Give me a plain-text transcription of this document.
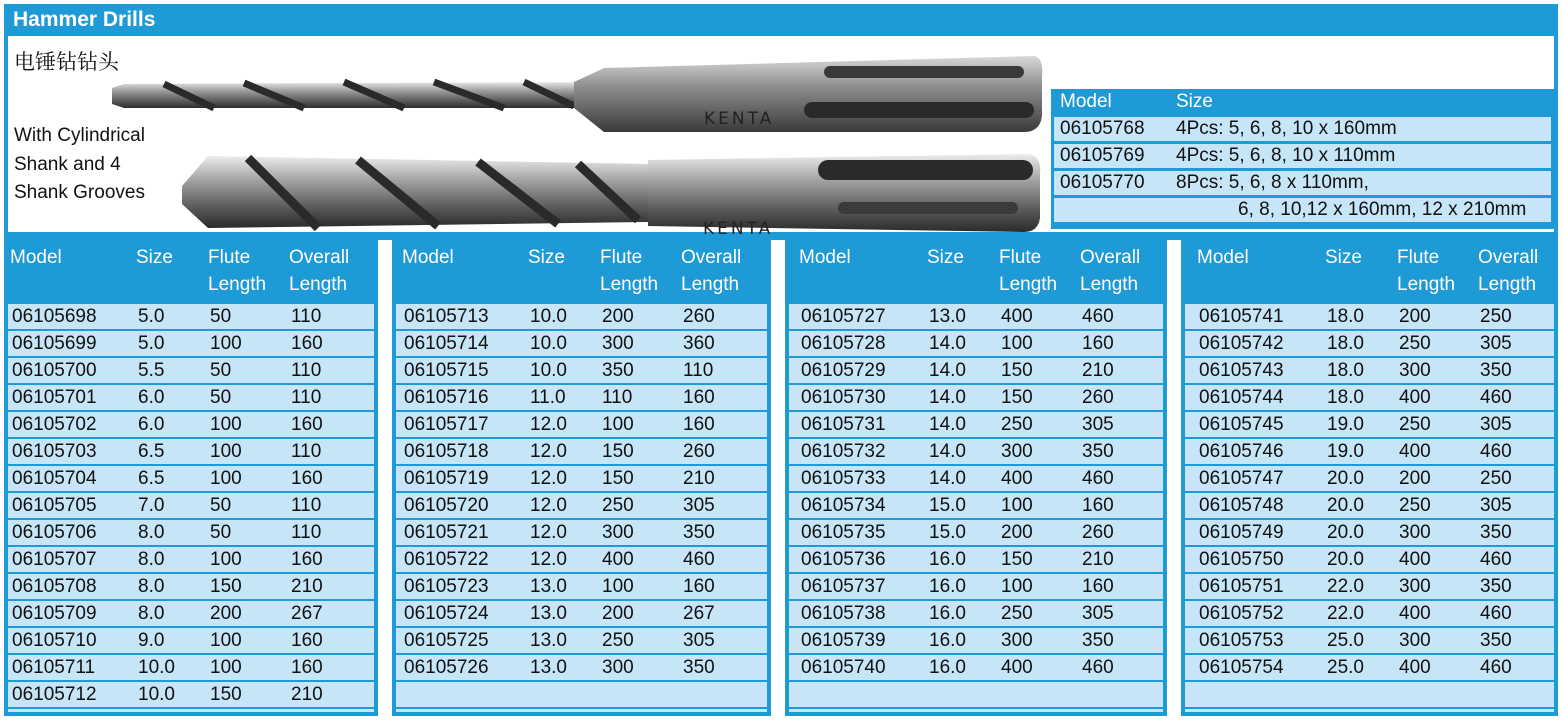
Hammer Drills
电锤钻钻头
With Cylindrical
Shank and 4
Shank Grooves
KENTA
KENTA
Model	Size
06105768 4Pcs: 5, 6, 8, 10 x 160mm
06105769 4Pcs: 5, 6, 8, 10 x 110mm
06105770 8Pcs: 5, 6, 8 x 110mm,
6, 8, 10,12 x 160mm, 12 x 210mm
Model	Size Flute
Length
Overall
Length
06105698 5.0 50	110
06105699 5.0 100	160
06105700 5.5 50	110
06105701 6.0 50	110
06105702 6.0 100	160
06105703 6.5 100	110
06105704 6.5 100	160
06105705 7.0 50	110
06105706 8.0 50	110
06105707 8.0 100	160
06105708 8.0 150	210
06105709 8.0 200	267
06105710 9.0 100	160
06105711 10.0 100	160
06105712 10.0 150	210
Model	Size Flute
Length
Overall
Length
06105713 10.0 200	260
06105714 10.0 300	360
06105715 10.0 350	110
06105716 11.0 110	160
06105717 12.0 100	160
06105718 12.0 150	260
06105719 12.0 150	210
06105720 12.0 250	305
06105721 12.0 300	350
06105722 12.0 400	460
06105723 13.0 100	160
06105724 13.0 200	267
06105725 13.0 250	305
06105726 13.0 300	350
Model	Size Flute
Length
Overall
Length
06105727 13.0 400	460
06105728 14.0 100	160
06105729 14.0 150	210
06105730 14.0 150	260
06105731 14.0 250	305
06105732 14.0 300	350
06105733 14.0 400	460
06105734 15.0 100	160
06105735 15.0 200	260
06105736 16.0 150	210
06105737 16.0 100	160
06105738 16.0 250	305
06105739 16.0 300	350
06105740 16.0 400	460
Model	Size Flute
Length
Overall
Length
06105741 18.0 200	250
06105742 18.0 250	305
06105743 18.0 300	350
06105744 18.0 400	460
06105745 19.0 250	305
06105746 19.0 400	460
06105747 20.0 200	250
06105748 20.0 250	305
06105749 20.0 300	350
06105750 20.0 400	460
06105751 22.0 300	350
06105752 22.0 400	460
06105753 25.0 300	350
06105754 25.0 400	460
